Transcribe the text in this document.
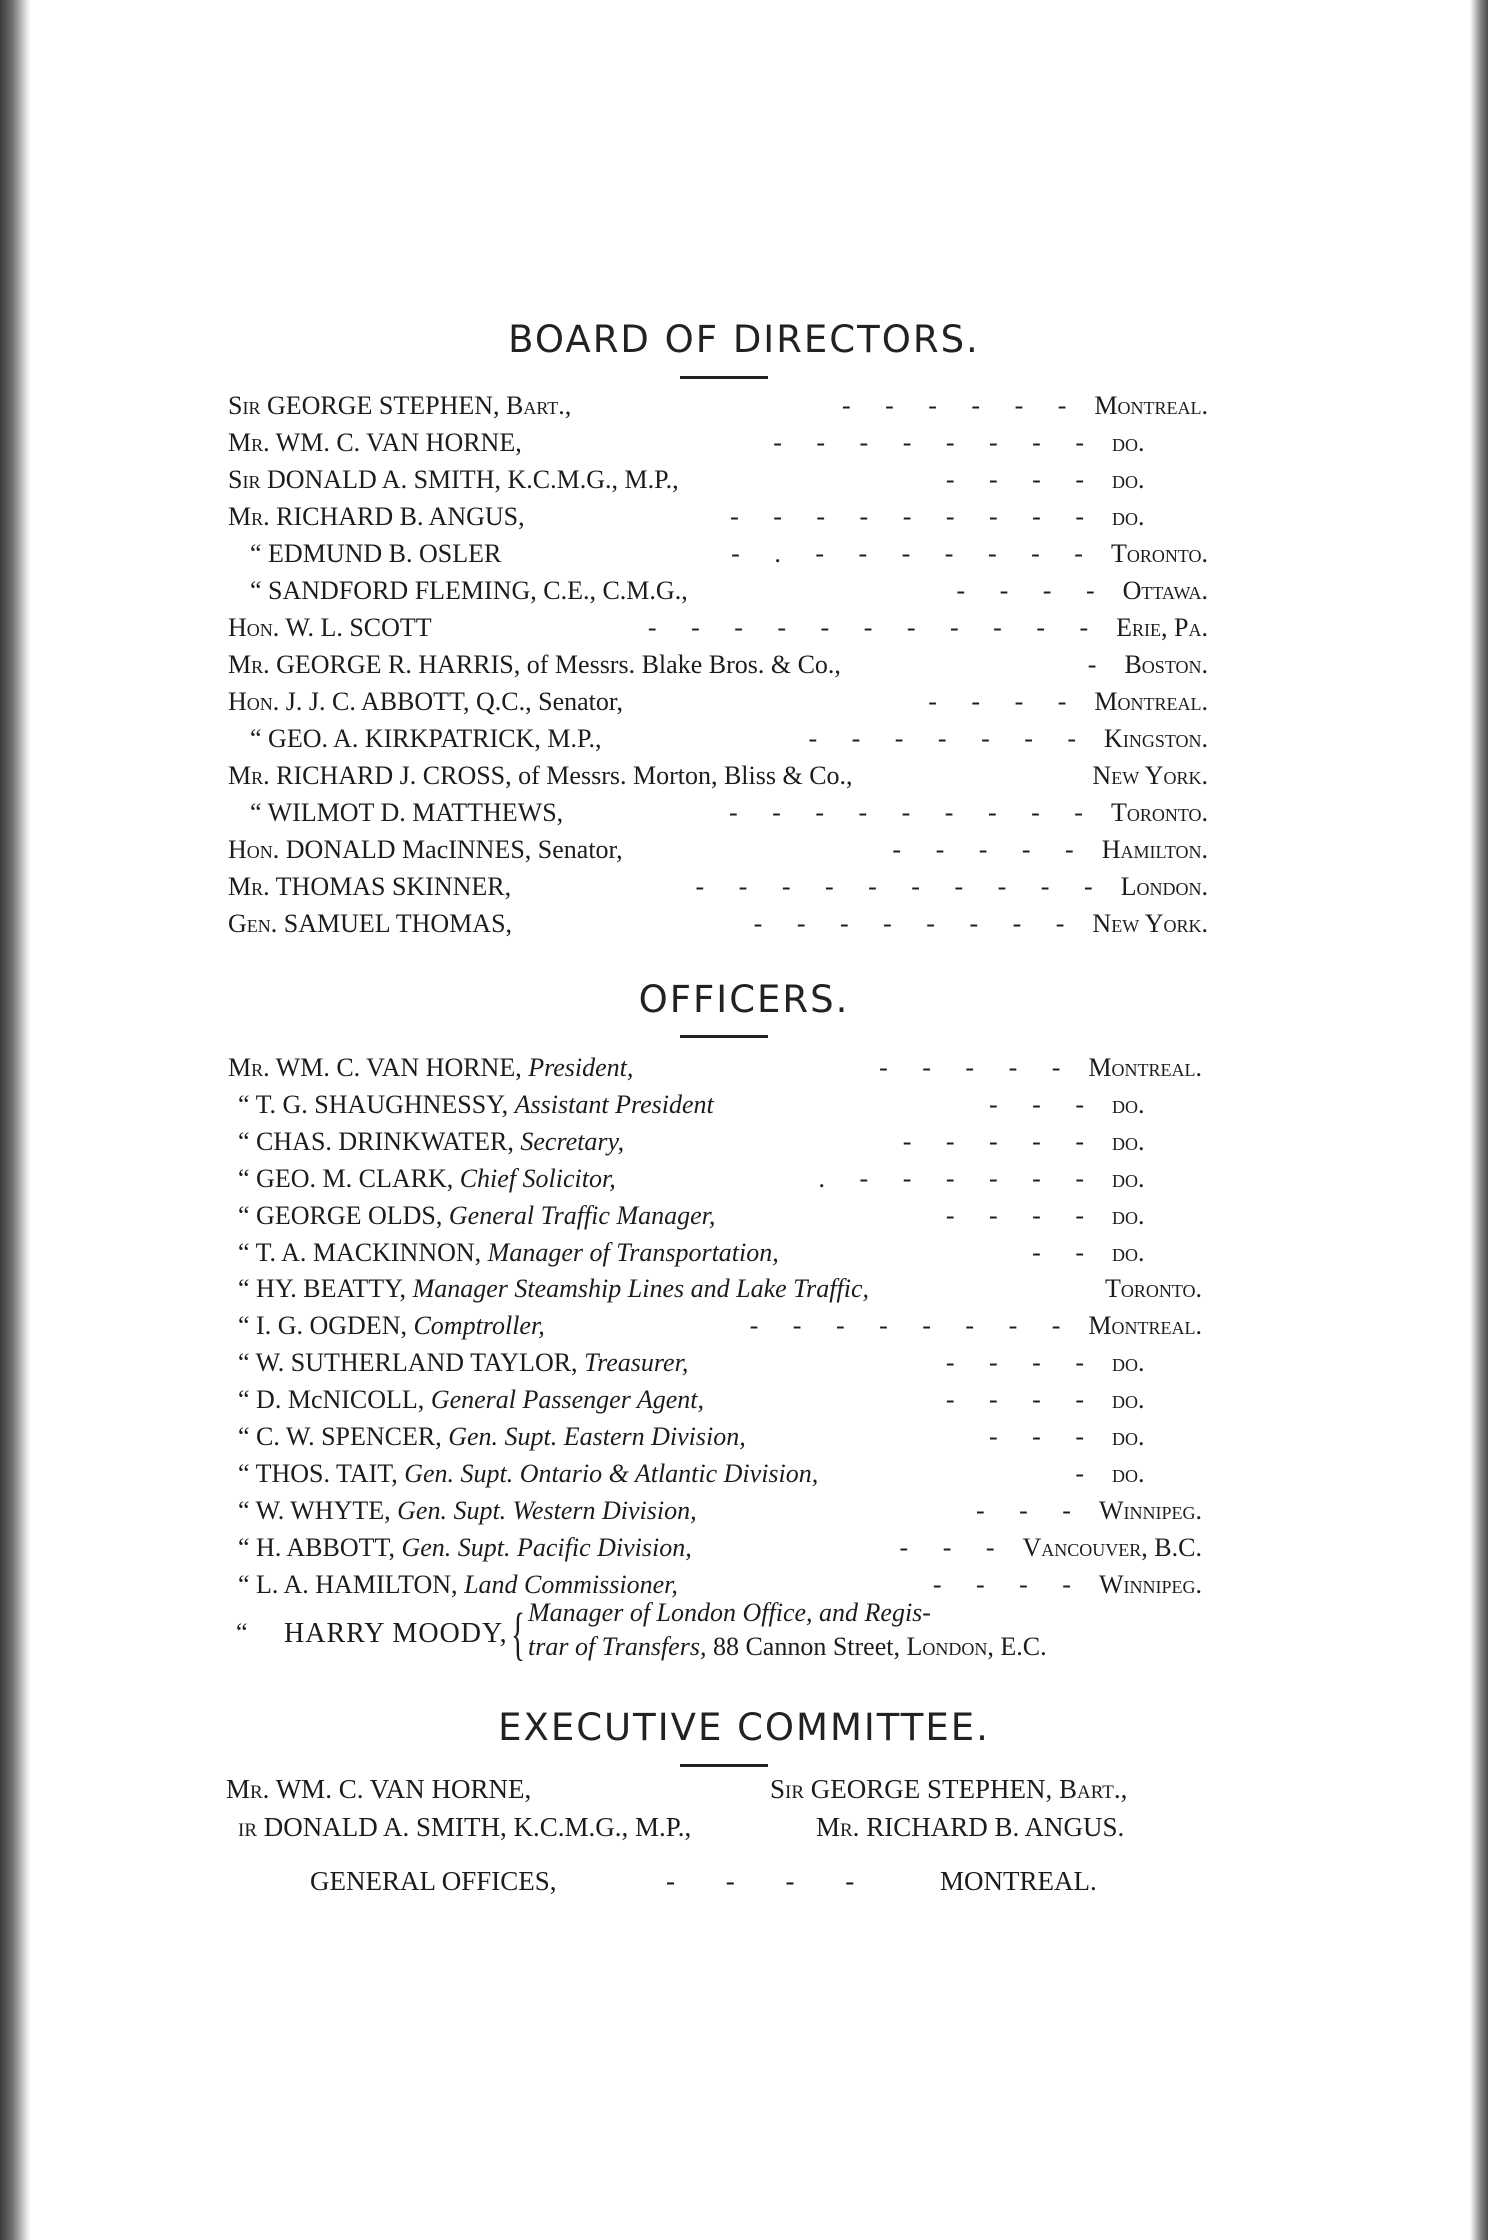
BOARD OF DIRECTORS.
Sir GEORGE STEPHEN, Bart.,	- - - - - - Montreal.
Mr. WM. C. VAN HORNE,	- - - - - - - - do.
Sir DONALD A. SMITH, K.C.M.G., M.P.,	- - - - do.
Mr. RICHARD B. ANGUS,	- - - - - - - - - do.
“ EDMUND B. OSLER	- . - - - - - - - Toronto.
“ SANDFORD FLEMING, C.E., C.M.G.,	- - - - Ottawa.
Hon. W. L. SCOTT	- - - - - - - - - - - Erie, Pa.
Mr. GEORGE R. HARRIS, of Messrs. Blake Bros. & Co.,	- Boston.
Hon. J. J. C. ABBOTT, Q.C., Senator,	- - - - Montreal.
“ GEO. A. KIRKPATRICK, M.P.,	- - - - - - - Kingston.
Mr. RICHARD J. CROSS, of Messrs. Morton, Bliss & Co.,	New York.
“ WILMOT D. MATTHEWS,	- - - - - - - - - Toronto.
Hon. DONALD MacINNES, Senator,	- - - - - Hamilton.
Mr. THOMAS SKINNER,	- - - - - - - - - - London.
Gen. SAMUEL THOMAS,	- - - - - - - - New York.
OFFICERS.
Mr. WM. C. VAN HORNE, President,	- - - - - Montreal.
“ T. G. SHAUGHNESSY, Assistant President	- - - do.
“ CHAS. DRINKWATER, Secretary,	- - - - - do.
“ GEO. M. CLARK, Chief Solicitor,	. - - - - - - do.
“ GEORGE OLDS, General Traffic Manager,	- - - - do.
“ T. A. MACKINNON, Manager of Transportation,	- - do.
“ HY. BEATTY, Manager Steamship Lines and Lake Traffic,	Toronto.
“ I. G. OGDEN, Comptroller,	- - - - - - - - Montreal.
“ W. SUTHERLAND TAYLOR, Treasurer,	- - - - do.
“ D. McNICOLL, General Passenger Agent,	- - - - do.
“ C. W. SPENCER, Gen. Supt. Eastern Division,	- - - do.
“ THOS. TAIT, Gen. Supt. Ontario & Atlantic Division,	- do.
“ W. WHYTE, Gen. Supt. Western Division,	- - - Winnipeg.
“ H. ABBOTT, Gen. Supt. Pacific Division,	- - - Vancouver, B.C.
“ L. A. HAMILTON, Land Commissioner,	- - - - Winnipeg.
“ HARRY MOODY, { Manager of London Office, and Regis-
trar of Transfers, 88 Cannon Street, London, E.C.
EXECUTIVE COMMITTEE.
Mr. WM. C. VAN HORNE,	Sir GEORGE STEPHEN, Bart.,
ir DONALD A. SMITH, K.C.M.G., M.P.,	Mr. RICHARD B. ANGUS.
GENERAL OFFICES,	- - - - MONTREAL.
